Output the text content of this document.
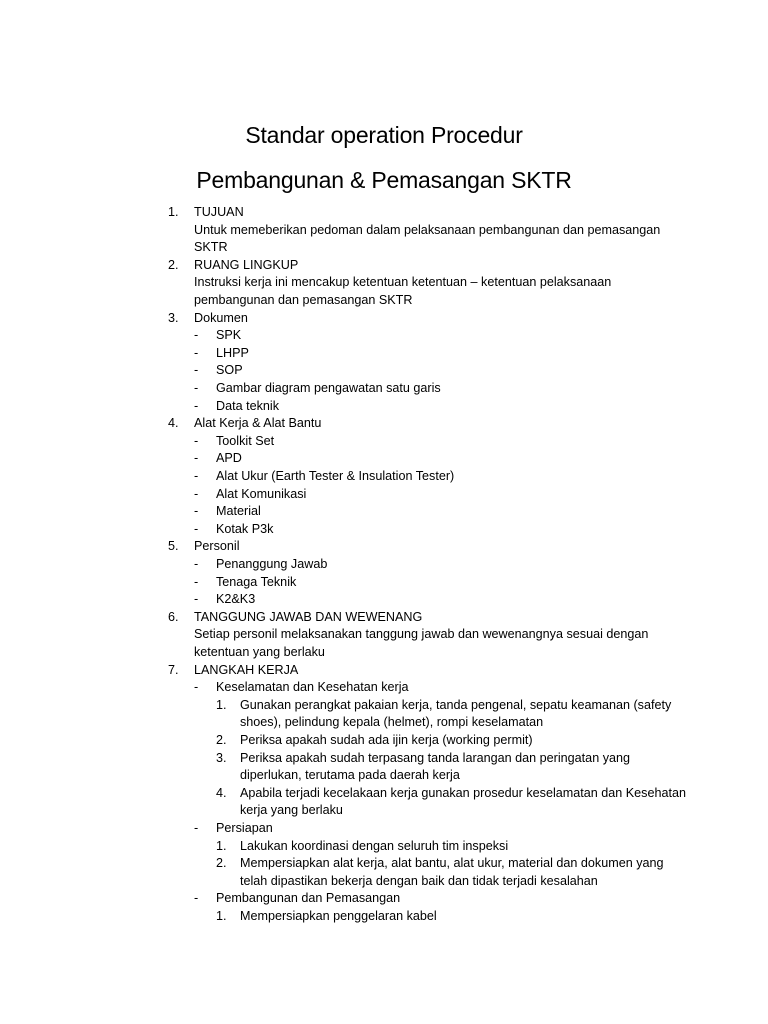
Standar operation Procedur
Pembangunan & Pemasangan SKTR
1. TUJUAN
Untuk memeberikan pedoman dalam pelaksanaan pembangunan dan pemasangan
SKTR
2. RUANG LINGKUP
Instruksi kerja ini mencakup ketentuan ketentuan – ketentuan pelaksanaan
pembangunan dan pemasangan SKTR
3. Dokumen
- SPK
- LHPP
- SOP
- Gambar diagram pengawatan satu garis
- Data teknik
4. Alat Kerja & Alat Bantu
- Toolkit Set
- APD
- Alat Ukur (Earth Tester & Insulation Tester)
- Alat Komunikasi
- Material
- Kotak P3k
5. Personil
- Penanggung Jawab
- Tenaga Teknik
- K2&K3
6. TANGGUNG JAWAB DAN WEWENANG
Setiap personil melaksanakan tanggung jawab dan wewenangnya sesuai dengan
ketentuan yang berlaku
7. LANGKAH KERJA
- Keselamatan dan Kesehatan kerja
1. Gunakan perangkat pakaian kerja, tanda pengenal, sepatu keamanan (safety
shoes), pelindung kepala (helmet), rompi keselamatan
2. Periksa apakah sudah ada ijin kerja (working permit)
3. Periksa apakah sudah terpasang tanda larangan dan peringatan yang
diperlukan, terutama pada daerah kerja
4. Apabila terjadi kecelakaan kerja gunakan prosedur keselamatan dan Kesehatan
kerja yang berlaku
- Persiapan
1. Lakukan koordinasi dengan seluruh tim inspeksi
2. Mempersiapkan alat kerja, alat bantu, alat ukur, material dan dokumen yang
telah dipastikan bekerja dengan baik dan tidak terjadi kesalahan
- Pembangunan dan Pemasangan
1. Mempersiapkan penggelaran kabel
